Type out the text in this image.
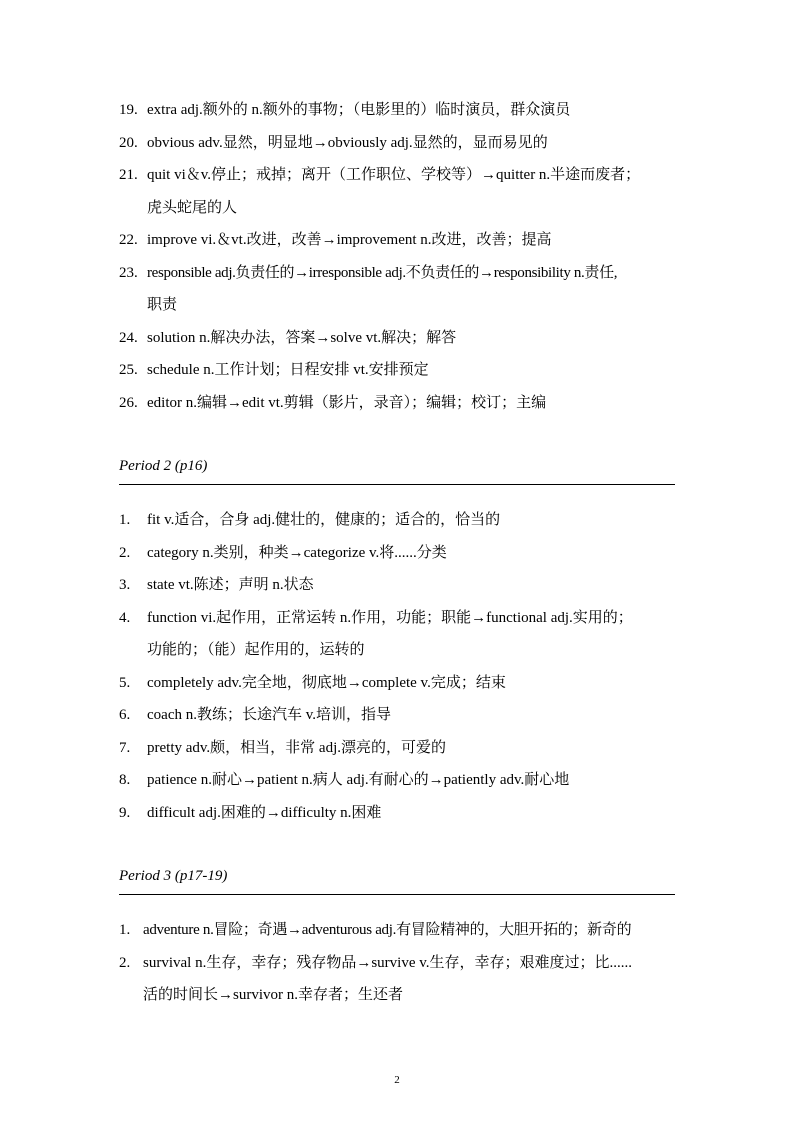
19. extra adj.额外的 n.额外的事物；（电影里的）临时演员，群众演员
20. obvious adv.显然，明显地→obviously adj.显然的，显而易见的
21. quit vi＆v.停止；戒掉；离开（工作职位、学校等）→quitter n.半途而废者；
虎头蛇尾的人
22. improve vi.＆vt.改进，改善→improvement n.改进，改善；提高
23. responsible adj.负责任的→irresponsible adj.不负责任的→responsibility n.责任,
职责
24. solution n.解决办法，答案→solve vt.解决；解答
25. schedule n.工作计划；日程安排 vt.安排预定
26. editor n.编辑→edit vt.剪辑（影片，录音）；编辑；校订；主编
Period 2 (p16)
1.	fit v.适合，合身 adj.健壮的，健康的；适合的，恰当的
2.	category n.类别，种类→categorize v.将......分类
3.	state vt.陈述；声明 n.状态
4.	function vi.起作用，正常运转 n.作用，功能；职能→functional adj.实用的；
功能的；（能）起作用的，运转的
5.	completely adv.完全地，彻底地→complete v.完成；结束
6.	coach n.教练；长途汽车 v.培训，指导
7.	pretty adv.颇，相当，非常 adj.漂亮的，可爱的
8.	patience n.耐心→patient n.病人 adj.有耐心的→patiently adv.耐心地
9.	difficult adj.困难的→difficulty n.困难
Period 3 (p17-19)
1. adventure n.冒险；奇遇→adventurous adj.有冒险精神的，大胆开拓的；新奇的
2. survival n.生存，幸存；残存物品→survive v.生存，幸存；艰难度过；比......
活的时间长→survivor n.幸存者；生还者
2
